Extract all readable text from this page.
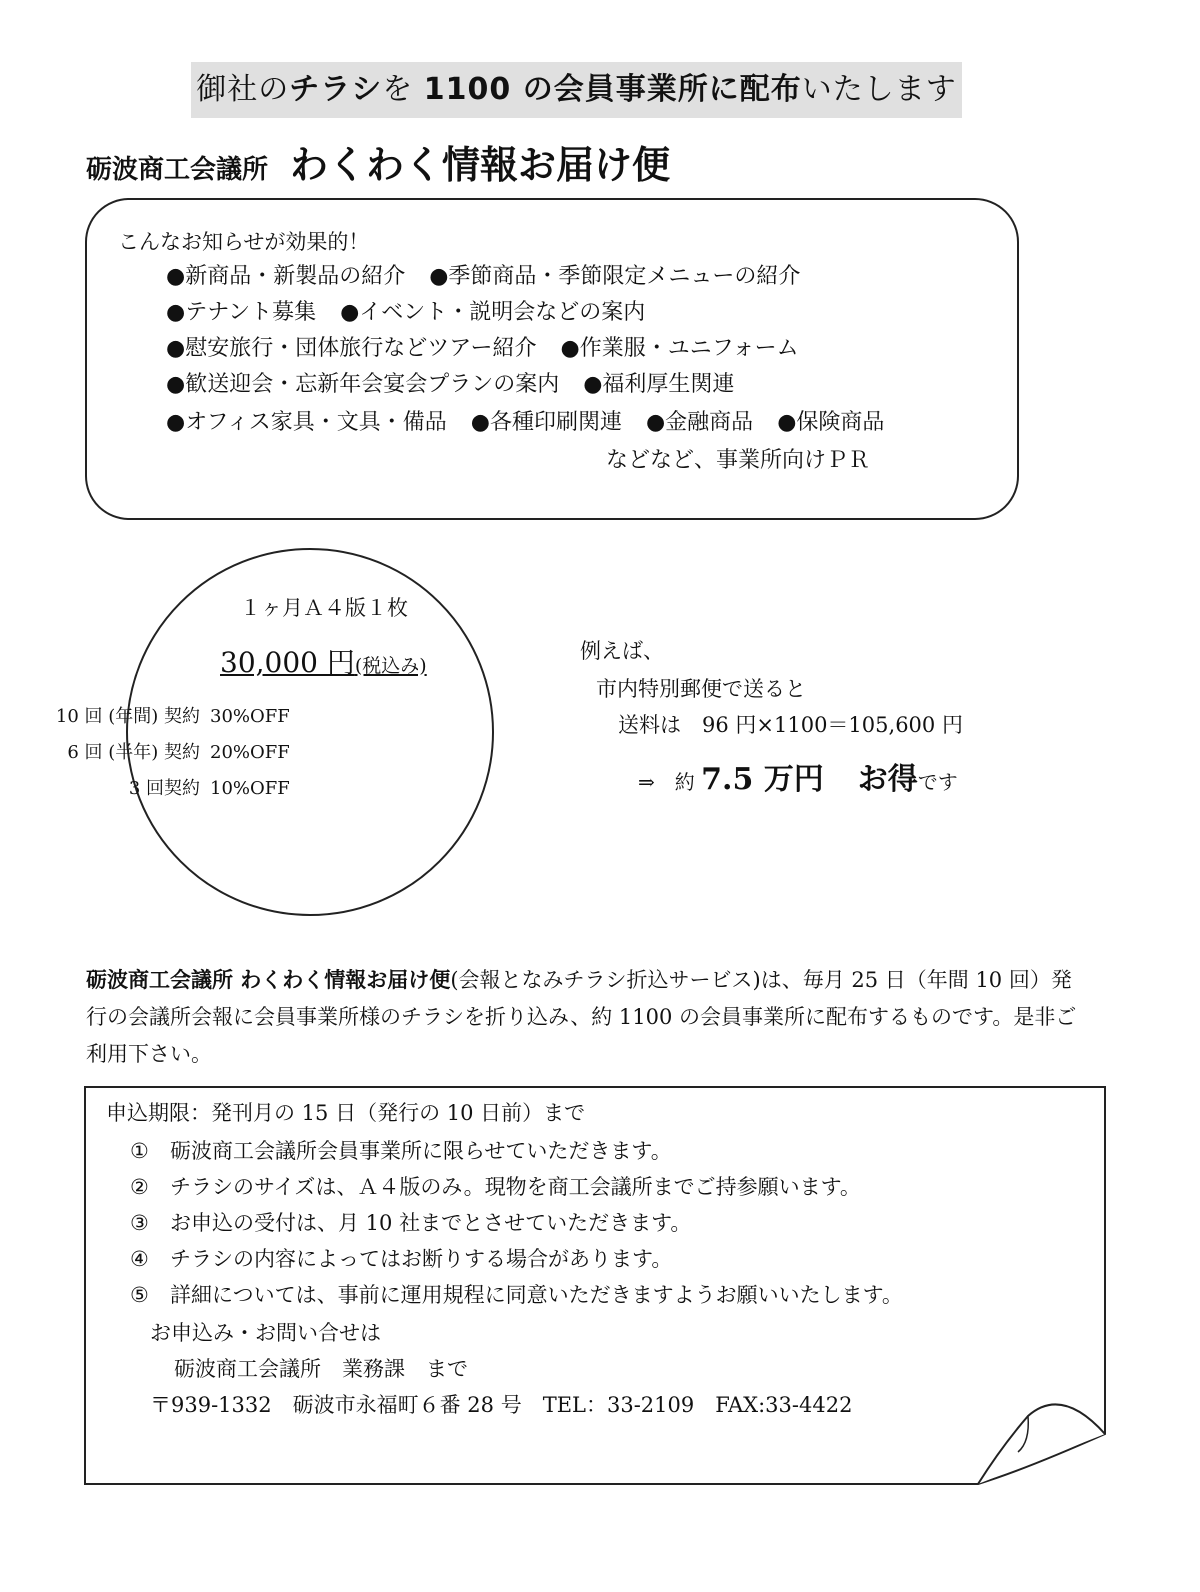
御社のチラシを 1100 の会員事業所に配布いたします
砺波商工会議所 わくわく情報お届け便
こんなお知らせが効果的！
●新商品・新製品の紹介 ●季節商品・季節限定メニューの紹介
●テナント募集 ●イベント・説明会などの案内
●慰安旅行・団体旅行などツアー紹介 ●作業服・ユニフォーム
●歓送迎会・忘新年会宴会プランの案内 ●福利厚生関連
●オフィス家具・文具・備品 ●各種印刷関連 ●金融商品 ●保険商品
などなど、事業所向けＰＲ
１ヶ月Ａ４版１枚
30,000 円(税込み)
10 回 (年間) 契約 30%OFF
6 回 (半年) 契約 20%OFF
3 回契約 10%OFF
例えば、
市内特別郵便で送ると
送料は　96 円×1100＝105,600 円
⇒　約 7.5 万円 お得です
砺波商工会議所 わくわく情報お届け便(会報となみチラシ折込サービス)は、毎月 25 日（年間 10 回）発行の会議所会報に会員事業所様のチラシを折り込み、約 1100 の会員事業所に配布するものです。是非ご利用下さい。
申込期限：発刊月の 15 日（発行の 10 日前）まで
① 砺波商工会議所会員事業所に限らせていただきます。
② チラシのサイズは、Ａ４版のみ。現物を商工会議所までご持参願います。
③ お申込の受付は、月 10 社までとさせていただきます。
④ チラシの内容によってはお断りする場合があります。
⑤ 詳細については、事前に運用規程に同意いただきますようお願いいたします。
お申込み・お問い合せは
砺波商工会議所　業務課　まで
〒939-1332　砺波市永福町６番 28 号　TEL：33-2109　FAX:33-4422
